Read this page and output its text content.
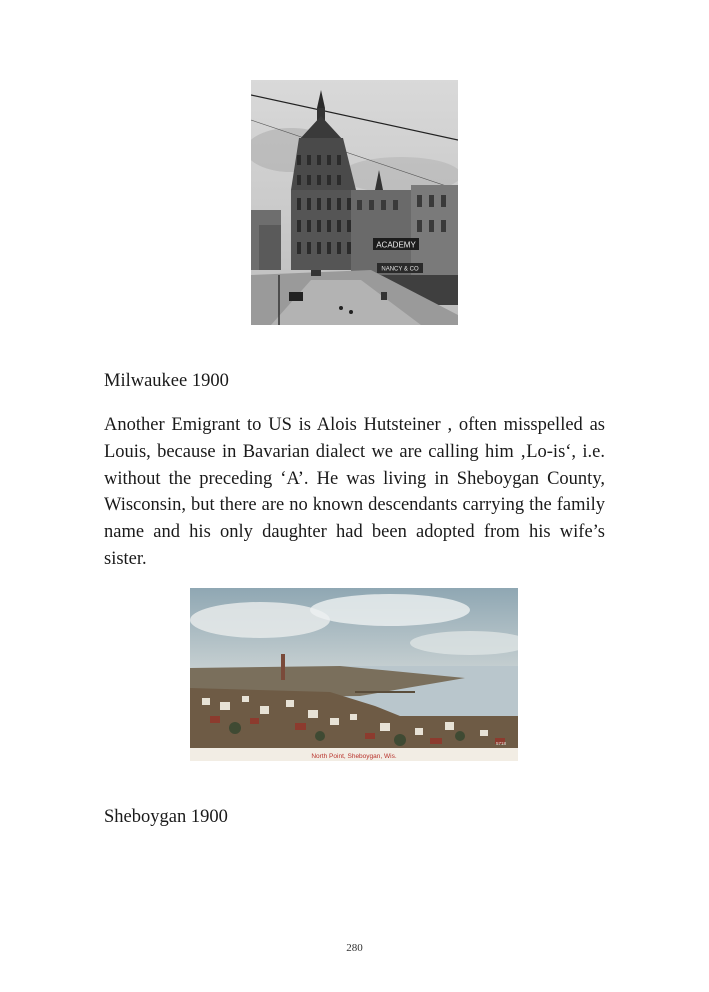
ACADEMY
NANCY & CO

Milwaukee 1900

Another Emigrant to US is Alois Hutsteiner , often misspelled as Louis, because in Bavarian dialect we are calling him ‚Lo-is‘, i.e. without the preceding ‘A’. He was living in Sheboygan County, Wisconsin, but there are no known descendants carrying the family name and his only daughter had been adopted from his wife’s sister.

North Point, Sheboygan, Wis.
5718

Sheboygan 1900

280
